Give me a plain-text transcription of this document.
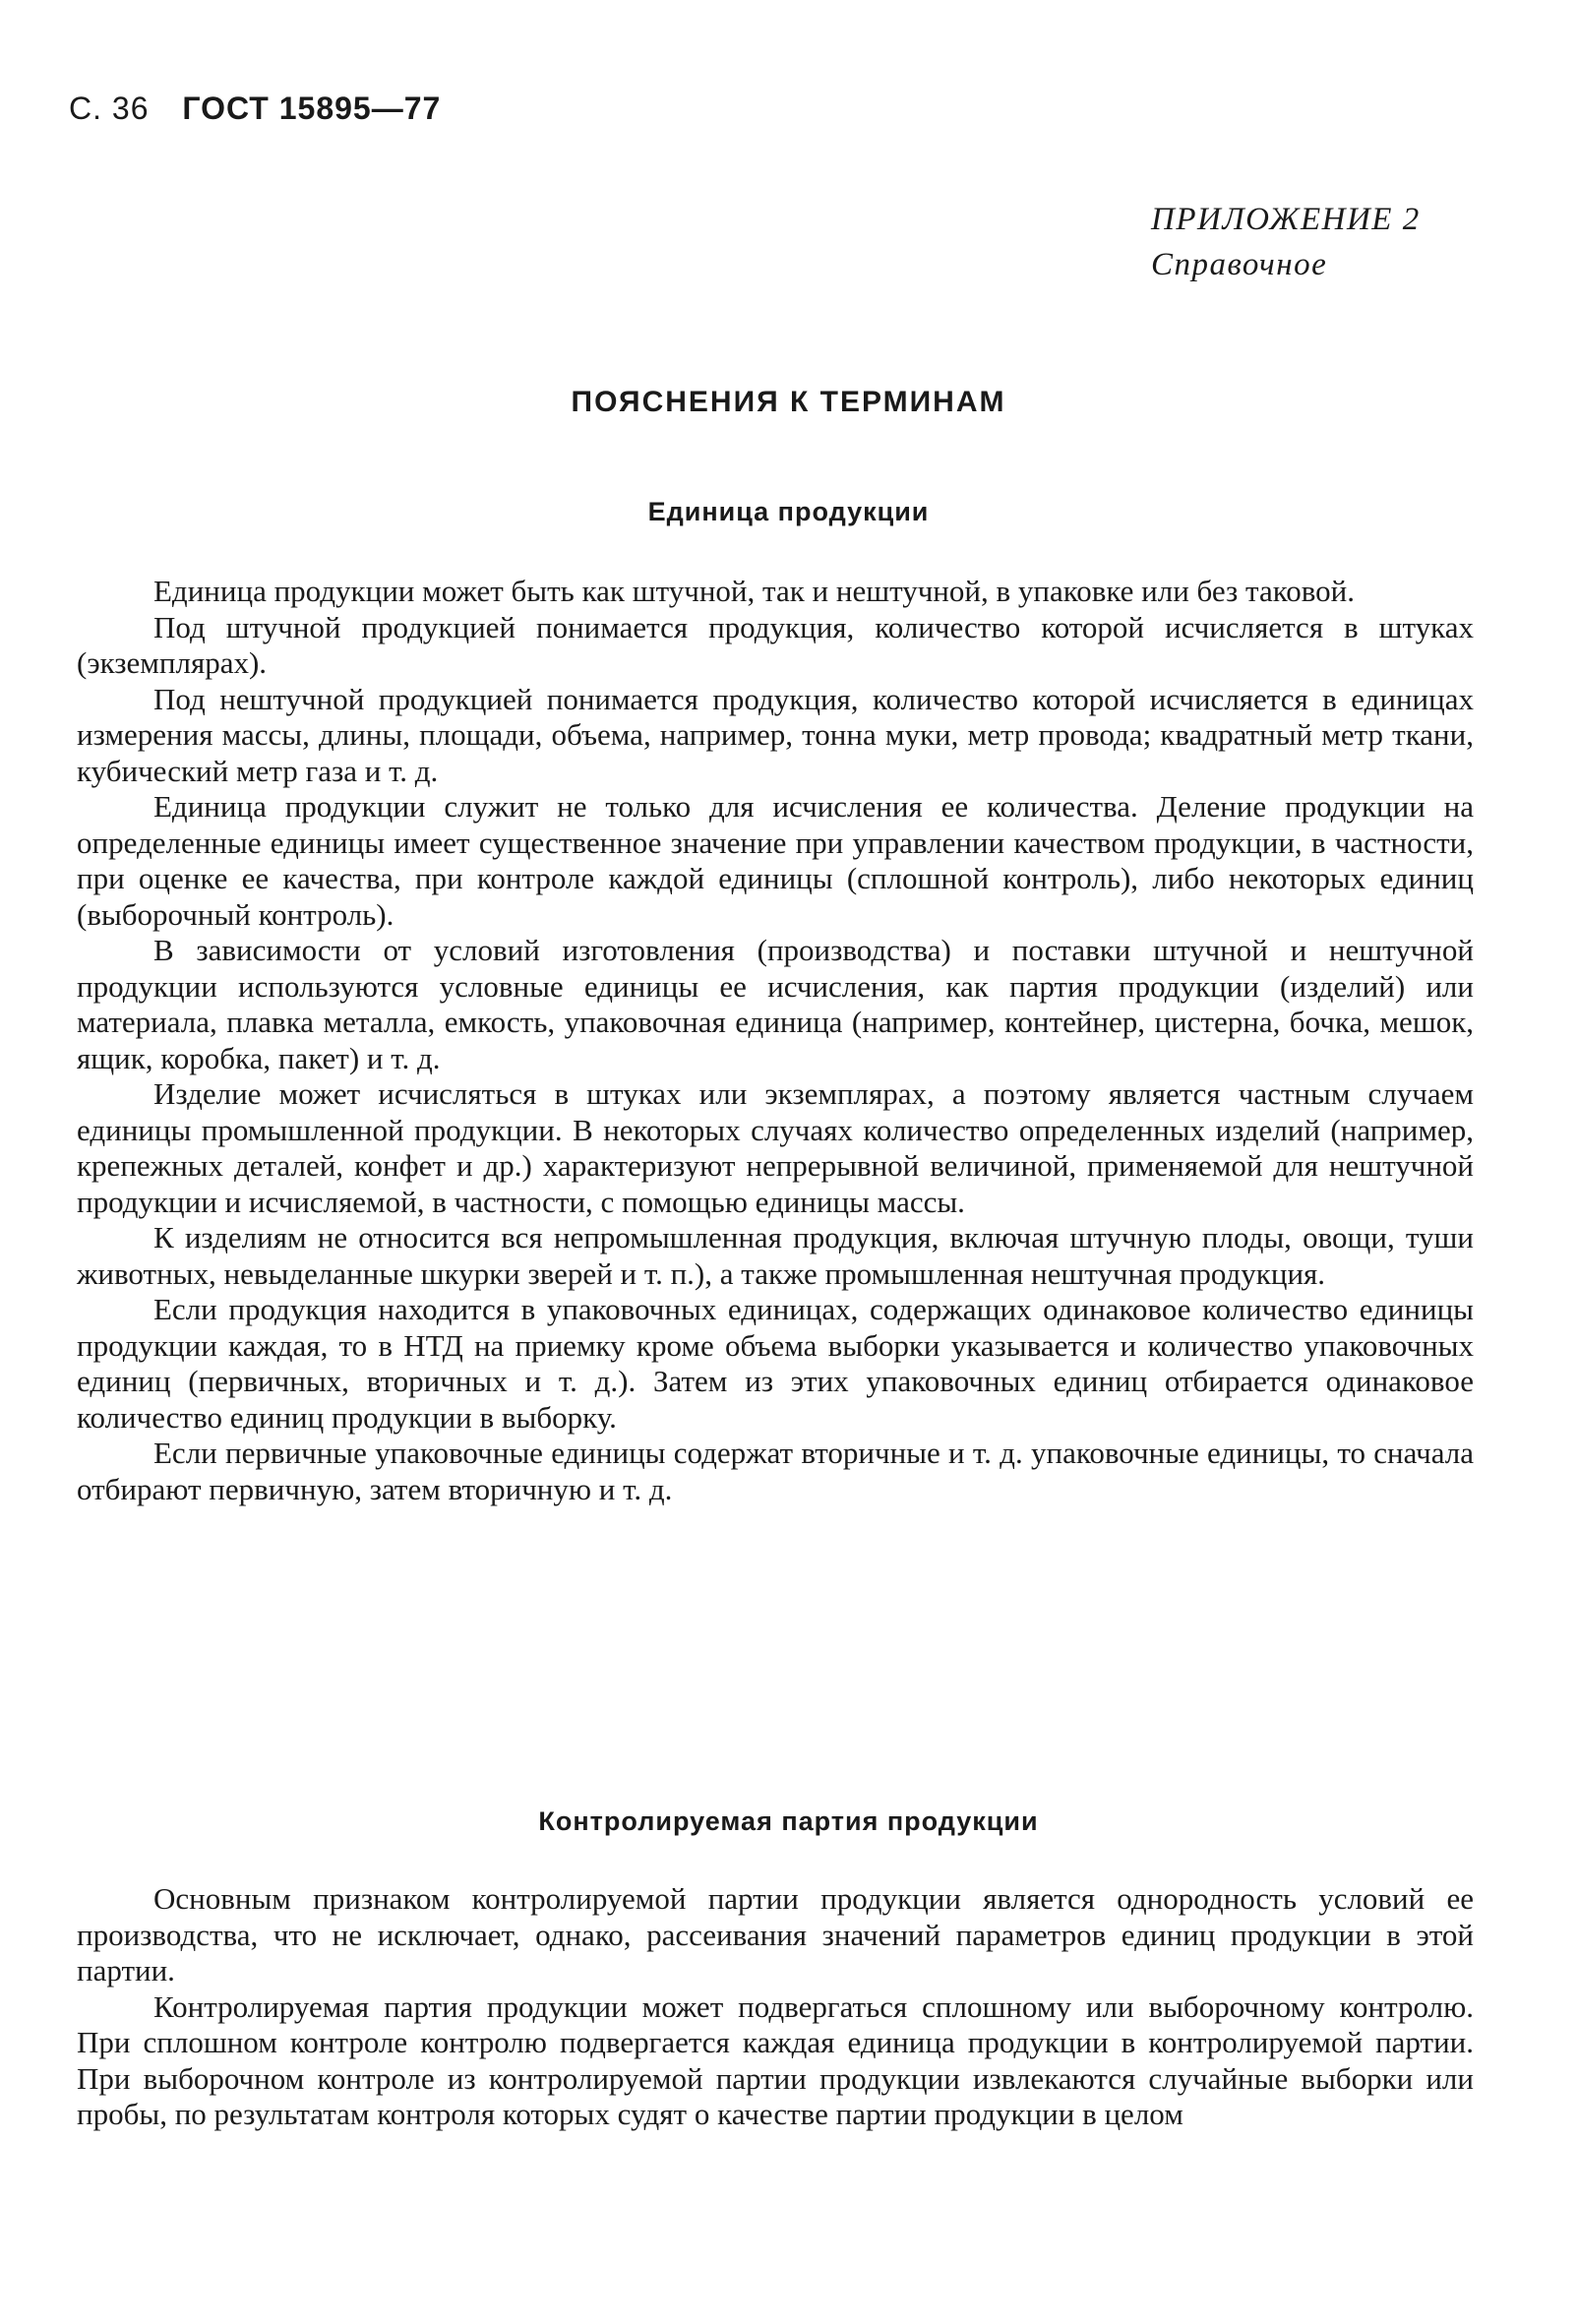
С. 36 ГОСТ 15895—77
ПРИЛОЖЕНИЕ 2
Справочное
ПОЯСНЕНИЯ К ТЕРМИНАМ
Единица продукции

Единица продукции может быть как штучной, так и нештучной, в упаковке или без таковой.

Под штучной продукцией понимается продукция, количество которой исчисляется в штуках (экземплярах).

Под нештучной продукцией понимается продукция, количество которой исчисляется в единицах измерения массы, длины, площади, объема, например, тонна муки, метр провода; квадратный метр ткани, кубический метр газа и т. д.

Единица продукции служит не только для исчисления ее количества. Деление продукции на определенные единицы имеет существенное значение при управлении качеством продукции, в частности, при оценке ее качества, при контроле каждой единицы (сплошной контроль), либо некоторых единиц (выборочный контроль).

В зависимости от условий изготовления (производства) и поставки штучной и нештучной продукции используются условные единицы ее исчисления, как партия продукции (изделий) или материала, плавка металла, емкость, упаковочная единица (например, контейнер, цистерна, бочка, мешок, ящик, коробка, пакет) и т. д.

Изделие может исчисляться в штуках или экземплярах, а поэтому является частным случаем единицы промышленной продукции. В некоторых случаях количество определенных изделий (например, крепежных деталей, конфет и др.) характеризуют непрерывной величиной, применяемой для нештучной продукции и исчисляемой, в частности, с помощью единицы массы.

К изделиям не относится вся непромышленная продукция, включая штучную плоды, овощи, туши животных, невыделанные шкурки зверей и т. п.), а также промышленная нештучная продукция.

Если продукция находится в упаковочных единицах, содержащих одинаковое количество единицы продукции каждая, то в НТД на приемку кроме объема выборки указывается и количество упаковочных единиц (первичных, вторичных и т. д.). Затем из этих упаковочных единиц отбирается одинаковое количество единиц продукции в выборку.

Если первичные упаковочные единицы содержат вторичные и т. д. упаковочные единицы, то сначала отбирают первичную, затем вторичную и т. д.

Контролируемая партия продукции

Основным признаком контролируемой партии продукции является однородность условий ее производства, что не исключает, однако, рассеивания значений параметров единиц продукции в этой партии.

Контролируемая партия продукции может подвергаться сплошному или выборочному контролю. При сплошном контроле контролю подвергается каждая единица продукции в контролируемой партии. При выборочном контроле из контролируемой партии продукции извлекаются случайные выборки или пробы, по результатам контроля которых судят о качестве партии продукции в целом
